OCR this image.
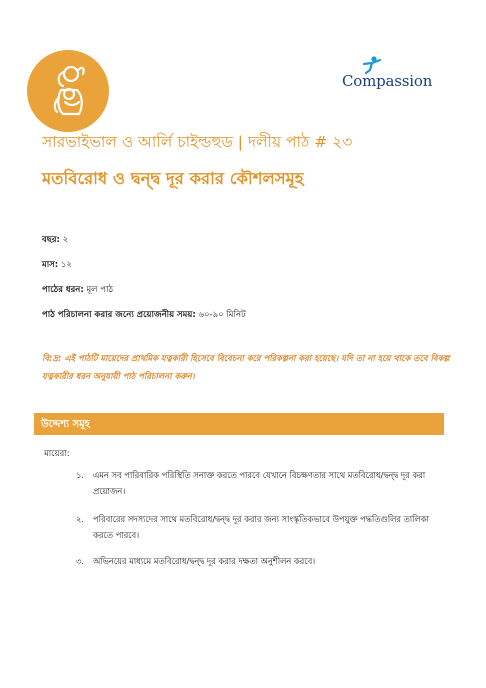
Compassion
সারভাইভাল ও আর্লি চাইল্ডহুড | দলীয় পাঠ # ২৩
মতবিরোধ ও দ্বন্দ্ব দূর করার কৌশলসমূহ
বছর: ২
মাস: ১২
পাঠের ধরন: মূল পাঠ
পাঠ পরিচালনা করার জন্যে প্রয়োজনীয় সময়: ৬০-৯০ মিনিট
বি:দ্র: এই পাঠটি মায়েদের প্রাথমিক যত্নকারী হিসেবে বিবেচনা করে পরিকল্পনা করা হয়েছে। যদি তা না হয়ে থাকে তবে বিকল্প যত্নকারীর ধরন অনুযায়ী পাঠ পরিচালনা করুন।
উদ্দেশ্য সমূহ
মায়েরা:
১. এমন সব পারিবারিক পরিস্থিতি সনাক্ত করতে পারবে যেখানে বিচক্ষণতার সাথে মতবিরোধ/দ্বন্দ্ব দূর করা প্রয়োজন।
২. পরিবারের সদস্যদের সাথে মতবিরোধ/দ্বন্দ্ব দূর করার জন্য সাংস্কৃতিকভাবে উপযুক্ত পদ্ধতিগুলির তালিকা করতে পারবে।
৩. অভিনয়ের মাধ্যমে মতবিরোধ/দ্বন্দ্ব দূর করার দক্ষতা অনুশীলন করবে।
